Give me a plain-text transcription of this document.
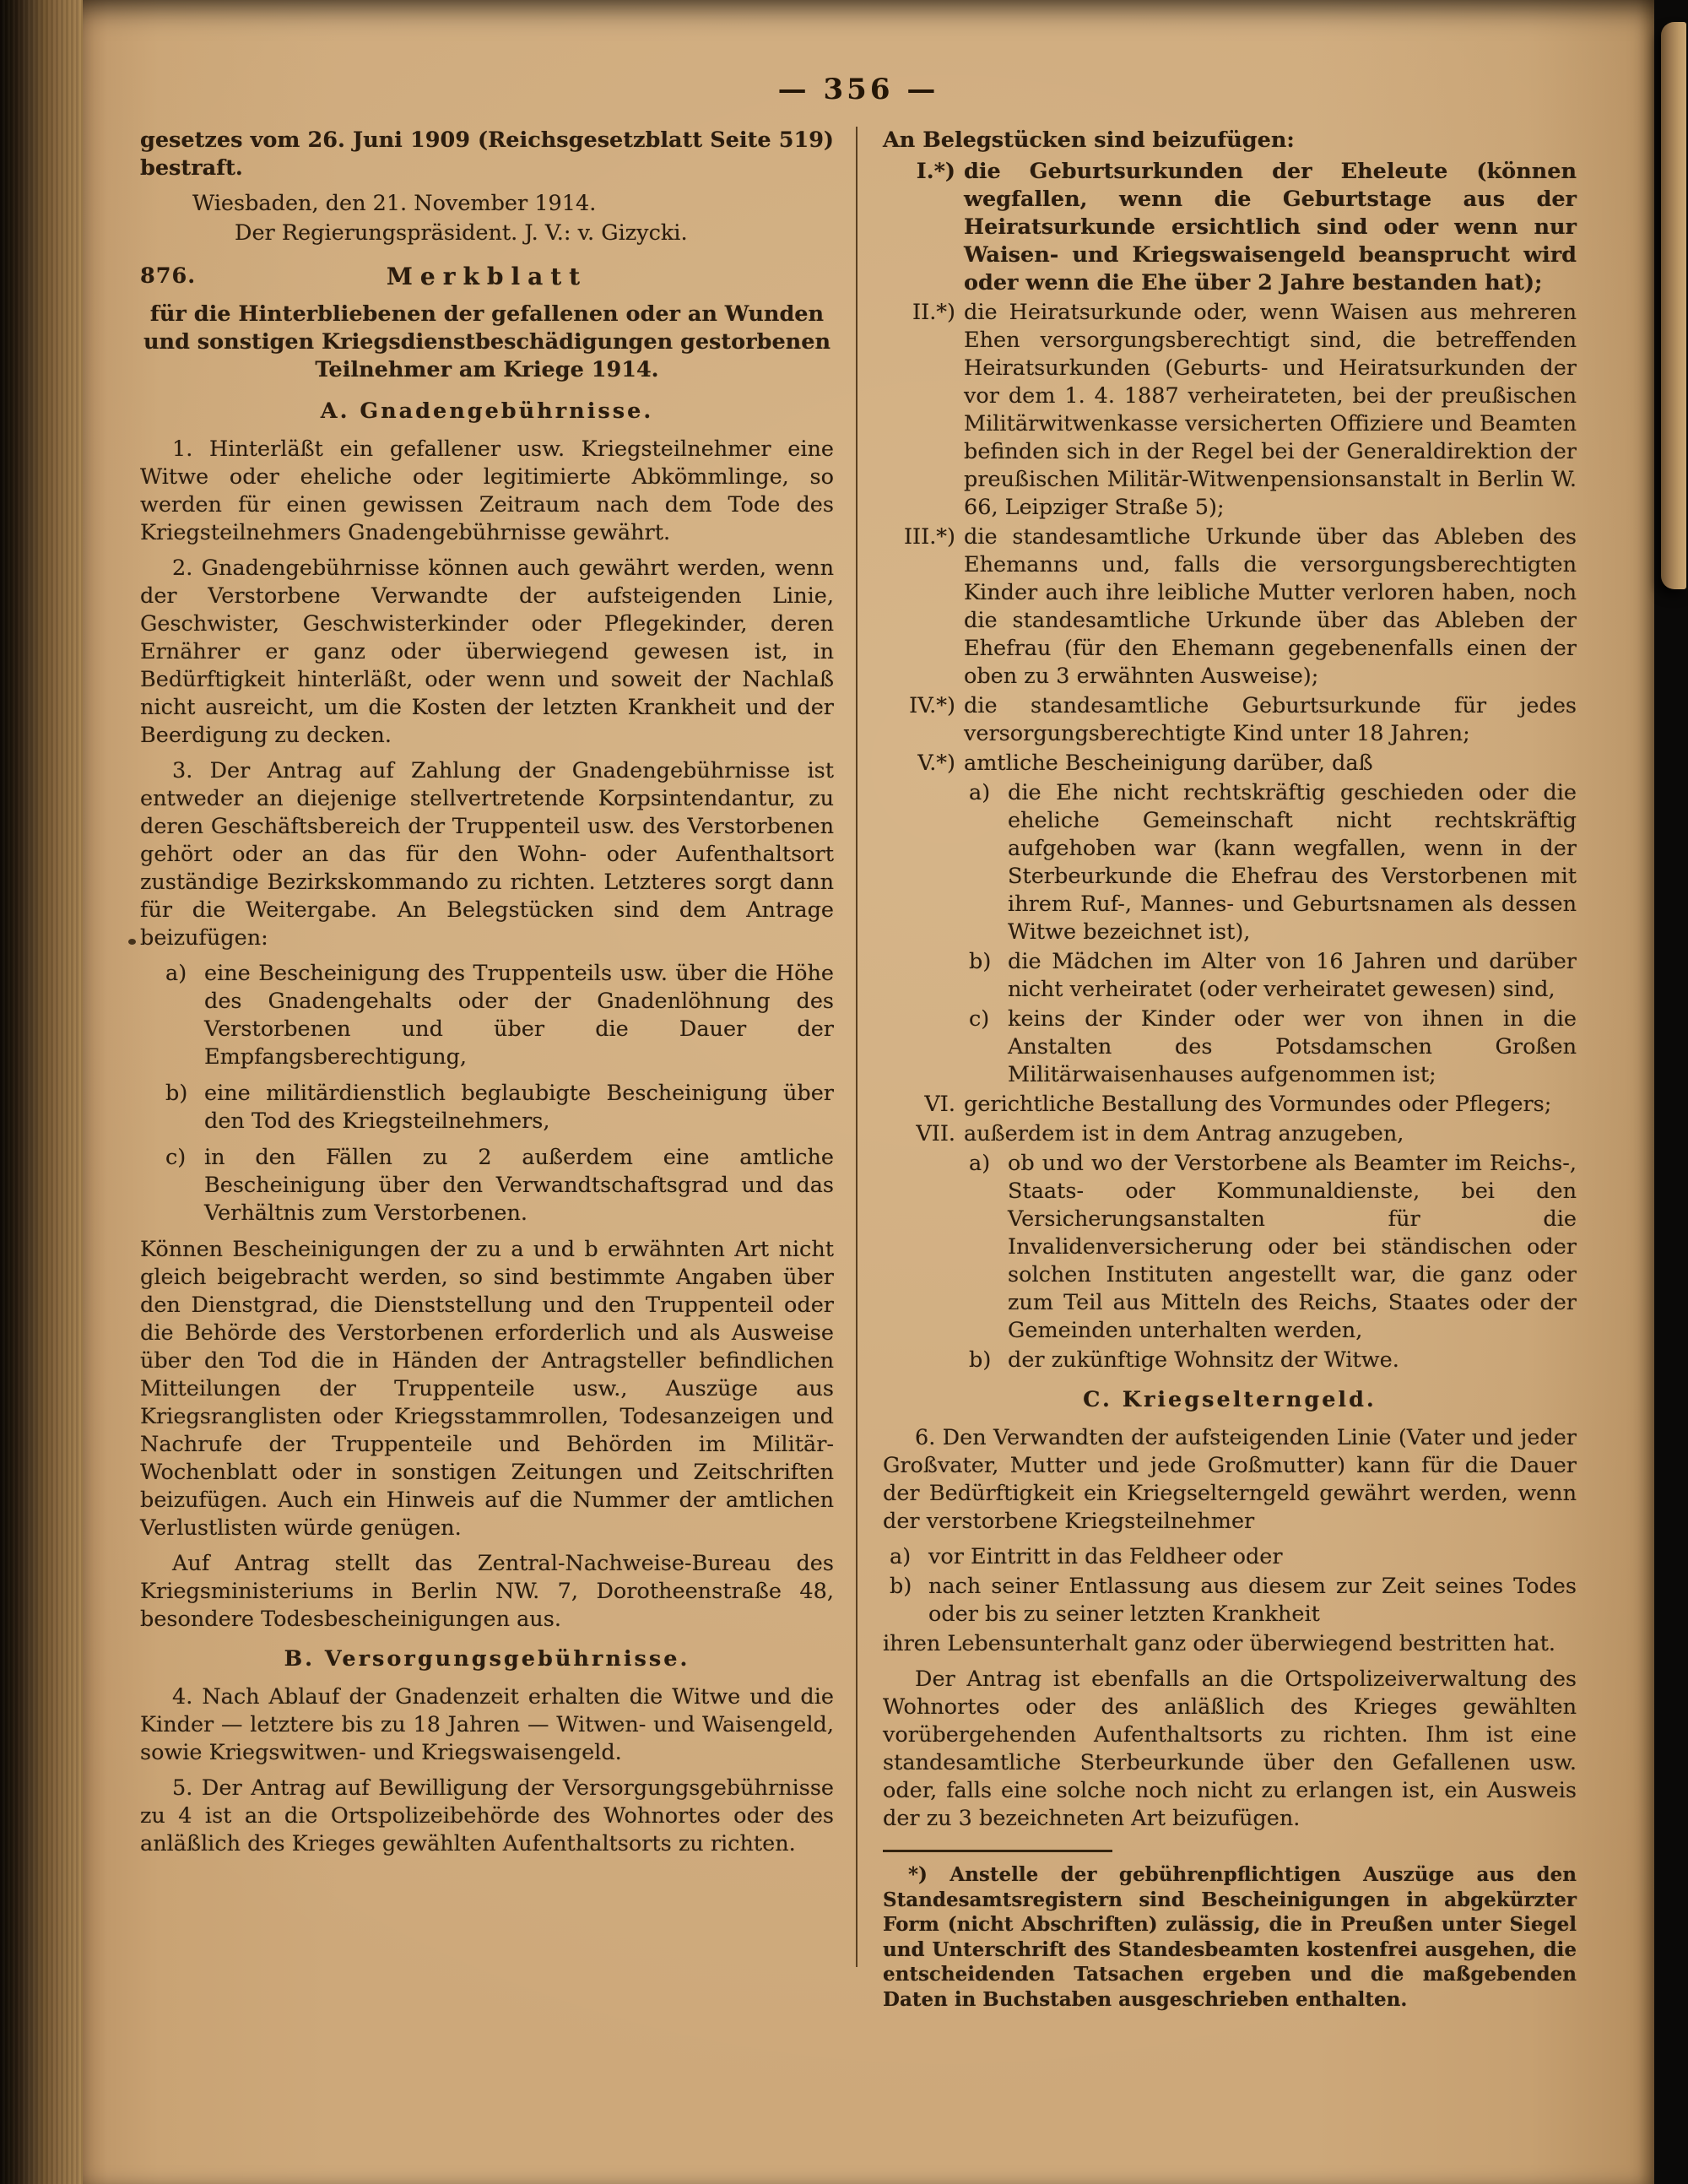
— 356 —

gesetzes vom 26. Juni 1909 (Reichsgesetzblatt Seite 519) bestraft.

Wiesbaden, den 21. November 1914.

Der Regierungspräsident. J. V.: v. Gizycki.

876.	Merkblatt

für die Hinterbliebenen der gefallenen oder an Wunden und sonstigen Kriegsdienstbeschädigungen gestorbenen Teilnehmer am Kriege 1914.

A. Gnadengebührnisse.

1. Hinterläßt ein gefallener usw. Kriegsteilnehmer eine Witwe oder eheliche oder legitimierte Abkömmlinge, so werden für einen gewissen Zeitraum nach dem Tode des Kriegsteilnehmers Gnadengebührnisse gewährt.

2. Gnadengebührnisse können auch gewährt werden, wenn der Verstorbene Verwandte der aufsteigenden Linie, Geschwister, Geschwisterkinder oder Pflegekinder, deren Ernährer er ganz oder überwiegend gewesen ist, in Bedürftigkeit hinterläßt, oder wenn und soweit der Nachlaß nicht ausreicht, um die Kosten der letzten Krankheit und der Beerdigung zu decken.

3. Der Antrag auf Zahlung der Gnadengebührnisse ist entweder an diejenige stellvertretende Korpsintendantur, zu deren Geschäftsbereich der Truppenteil usw. des Verstorbenen gehört oder an das für den Wohn- oder Aufenthaltsort zuständige Bezirkskommando zu richten. Letzteres sorgt dann für die Weitergabe. An Belegstücken sind dem Antrage beizufügen:

a) eine Bescheinigung des Truppenteils usw. über die Höhe des Gnadengehalts oder der Gnadenlöhnung des Verstorbenen und über die Dauer der Empfangsberechtigung,
b) eine militärdienstlich beglaubigte Bescheinigung über den Tod des Kriegsteilnehmers,
c) in den Fällen zu 2 außerdem eine amtliche Bescheinigung über den Verwandtschaftsgrad und das Verhältnis zum Verstorbenen.

Können Bescheinigungen der zu a und b erwähnten Art nicht gleich beigebracht werden, so sind bestimmte Angaben über den Dienstgrad, die Dienststellung und den Truppenteil oder die Behörde des Verstorbenen erforderlich und als Ausweise über den Tod die in Händen der Antragsteller befindlichen Mitteilungen der Truppenteile usw., Auszüge aus Kriegsranglisten oder Kriegsstammrollen, Todesanzeigen und Nachrufe der Truppenteile und Behörden im Militär-Wochenblatt oder in sonstigen Zeitungen und Zeitschriften beizufügen. Auch ein Hinweis auf die Nummer der amtlichen Verlustlisten würde genügen.

Auf Antrag stellt das Zentral-Nachweise-Bureau des Kriegsministeriums in Berlin NW. 7, Dorotheenstraße 48, besondere Todesbescheinigungen aus.

B. Versorgungsgebührnisse.

4. Nach Ablauf der Gnadenzeit erhalten die Witwe und die Kinder — letztere bis zu 18 Jahren — Witwen- und Waisengeld, sowie Kriegswitwen- und Kriegswaisengeld.

5. Der Antrag auf Bewilligung der Versorgungsgebührnisse zu 4 ist an die Ortspolizeibehörde des Wohnortes oder des anläßlich des Krieges gewählten Aufenthaltsorts zu richten.

An Belegstücken sind beizufügen:

I.*) die Geburtsurkunden der Eheleute (können wegfallen, wenn die Geburtstage aus der Heiratsurkunde ersichtlich sind oder wenn nur Waisen- und Kriegswaisengeld beansprucht wird oder wenn die Ehe über 2 Jahre bestanden hat);
II.*) die Heiratsurkunde oder, wenn Waisen aus mehreren Ehen versorgungsberechtigt sind, die betreffenden Heiratsurkunden (Geburts- und Heiratsurkunden der vor dem 1. 4. 1887 verheirateten, bei der preußischen Militärwitwenkasse versicherten Offiziere und Beamten befinden sich in der Regel bei der Generaldirektion der preußischen Militär-Witwenpensionsanstalt in Berlin W. 66, Leipziger Straße 5);
III.*) die standesamtliche Urkunde über das Ableben des Ehemanns und, falls die versorgungsberechtigten Kinder auch ihre leibliche Mutter verloren haben, noch die standesamtliche Urkunde über das Ableben der Ehefrau (für den Ehemann gegebenenfalls einen der oben zu 3 erwähnten Ausweise);
IV.*) die standesamtliche Geburtsurkunde für jedes versorgungsberechtigte Kind unter 18 Jahren;
V.*) amtliche Bescheinigung darüber, daß
a) die Ehe nicht rechtskräftig geschieden oder die eheliche Gemeinschaft nicht rechtskräftig aufgehoben war (kann wegfallen, wenn in der Sterbeurkunde die Ehefrau des Verstorbenen mit ihrem Ruf-, Mannes- und Geburtsnamen als dessen Witwe bezeichnet ist),
b) die Mädchen im Alter von 16 Jahren und darüber nicht verheiratet (oder verheiratet gewesen) sind,
c) keins der Kinder oder wer von ihnen in die Anstalten des Potsdamschen Großen Militärwaisenhauses aufgenommen ist;
VI. gerichtliche Bestallung des Vormundes oder Pflegers;
VII. außerdem ist in dem Antrag anzugeben,
a) ob und wo der Verstorbene als Beamter im Reichs-, Staats- oder Kommunaldienste, bei den Versicherungsanstalten für die Invalidenversicherung oder bei ständischen oder solchen Instituten angestellt war, die ganz oder zum Teil aus Mitteln des Reichs, Staates oder der Gemeinden unterhalten werden,
b) der zukünftige Wohnsitz der Witwe.

C. Kriegselterngeld.

6. Den Verwandten der aufsteigenden Linie (Vater und jeder Großvater, Mutter und jede Großmutter) kann für die Dauer der Bedürftigkeit ein Kriegselterngeld gewährt werden, wenn der verstorbene Kriegsteilnehmer

a) vor Eintritt in das Feldheer oder
b) nach seiner Entlassung aus diesem zur Zeit seines Todes oder bis zu seiner letzten Krankheit

ihren Lebensunterhalt ganz oder überwiegend bestritten hat.

Der Antrag ist ebenfalls an die Ortspolizeiverwaltung des Wohnortes oder des anläßlich des Krieges gewählten vorübergehenden Aufenthaltsorts zu richten. Ihm ist eine standesamtliche Sterbeurkunde über den Gefallenen usw. oder, falls eine solche noch nicht zu erlangen ist, ein Ausweis der zu 3 bezeichneten Art beizufügen.

*) Anstelle der gebührenpflichtigen Auszüge aus den Standesamtsregistern sind Bescheinigungen in abgekürzter Form (nicht Abschriften) zulässig, die in Preußen unter Siegel und Unterschrift des Standesbeamten kostenfrei ausgehen, die entscheidenden Tatsachen ergeben und die maßgebenden Daten in Buchstaben ausgeschrieben enthalten.
